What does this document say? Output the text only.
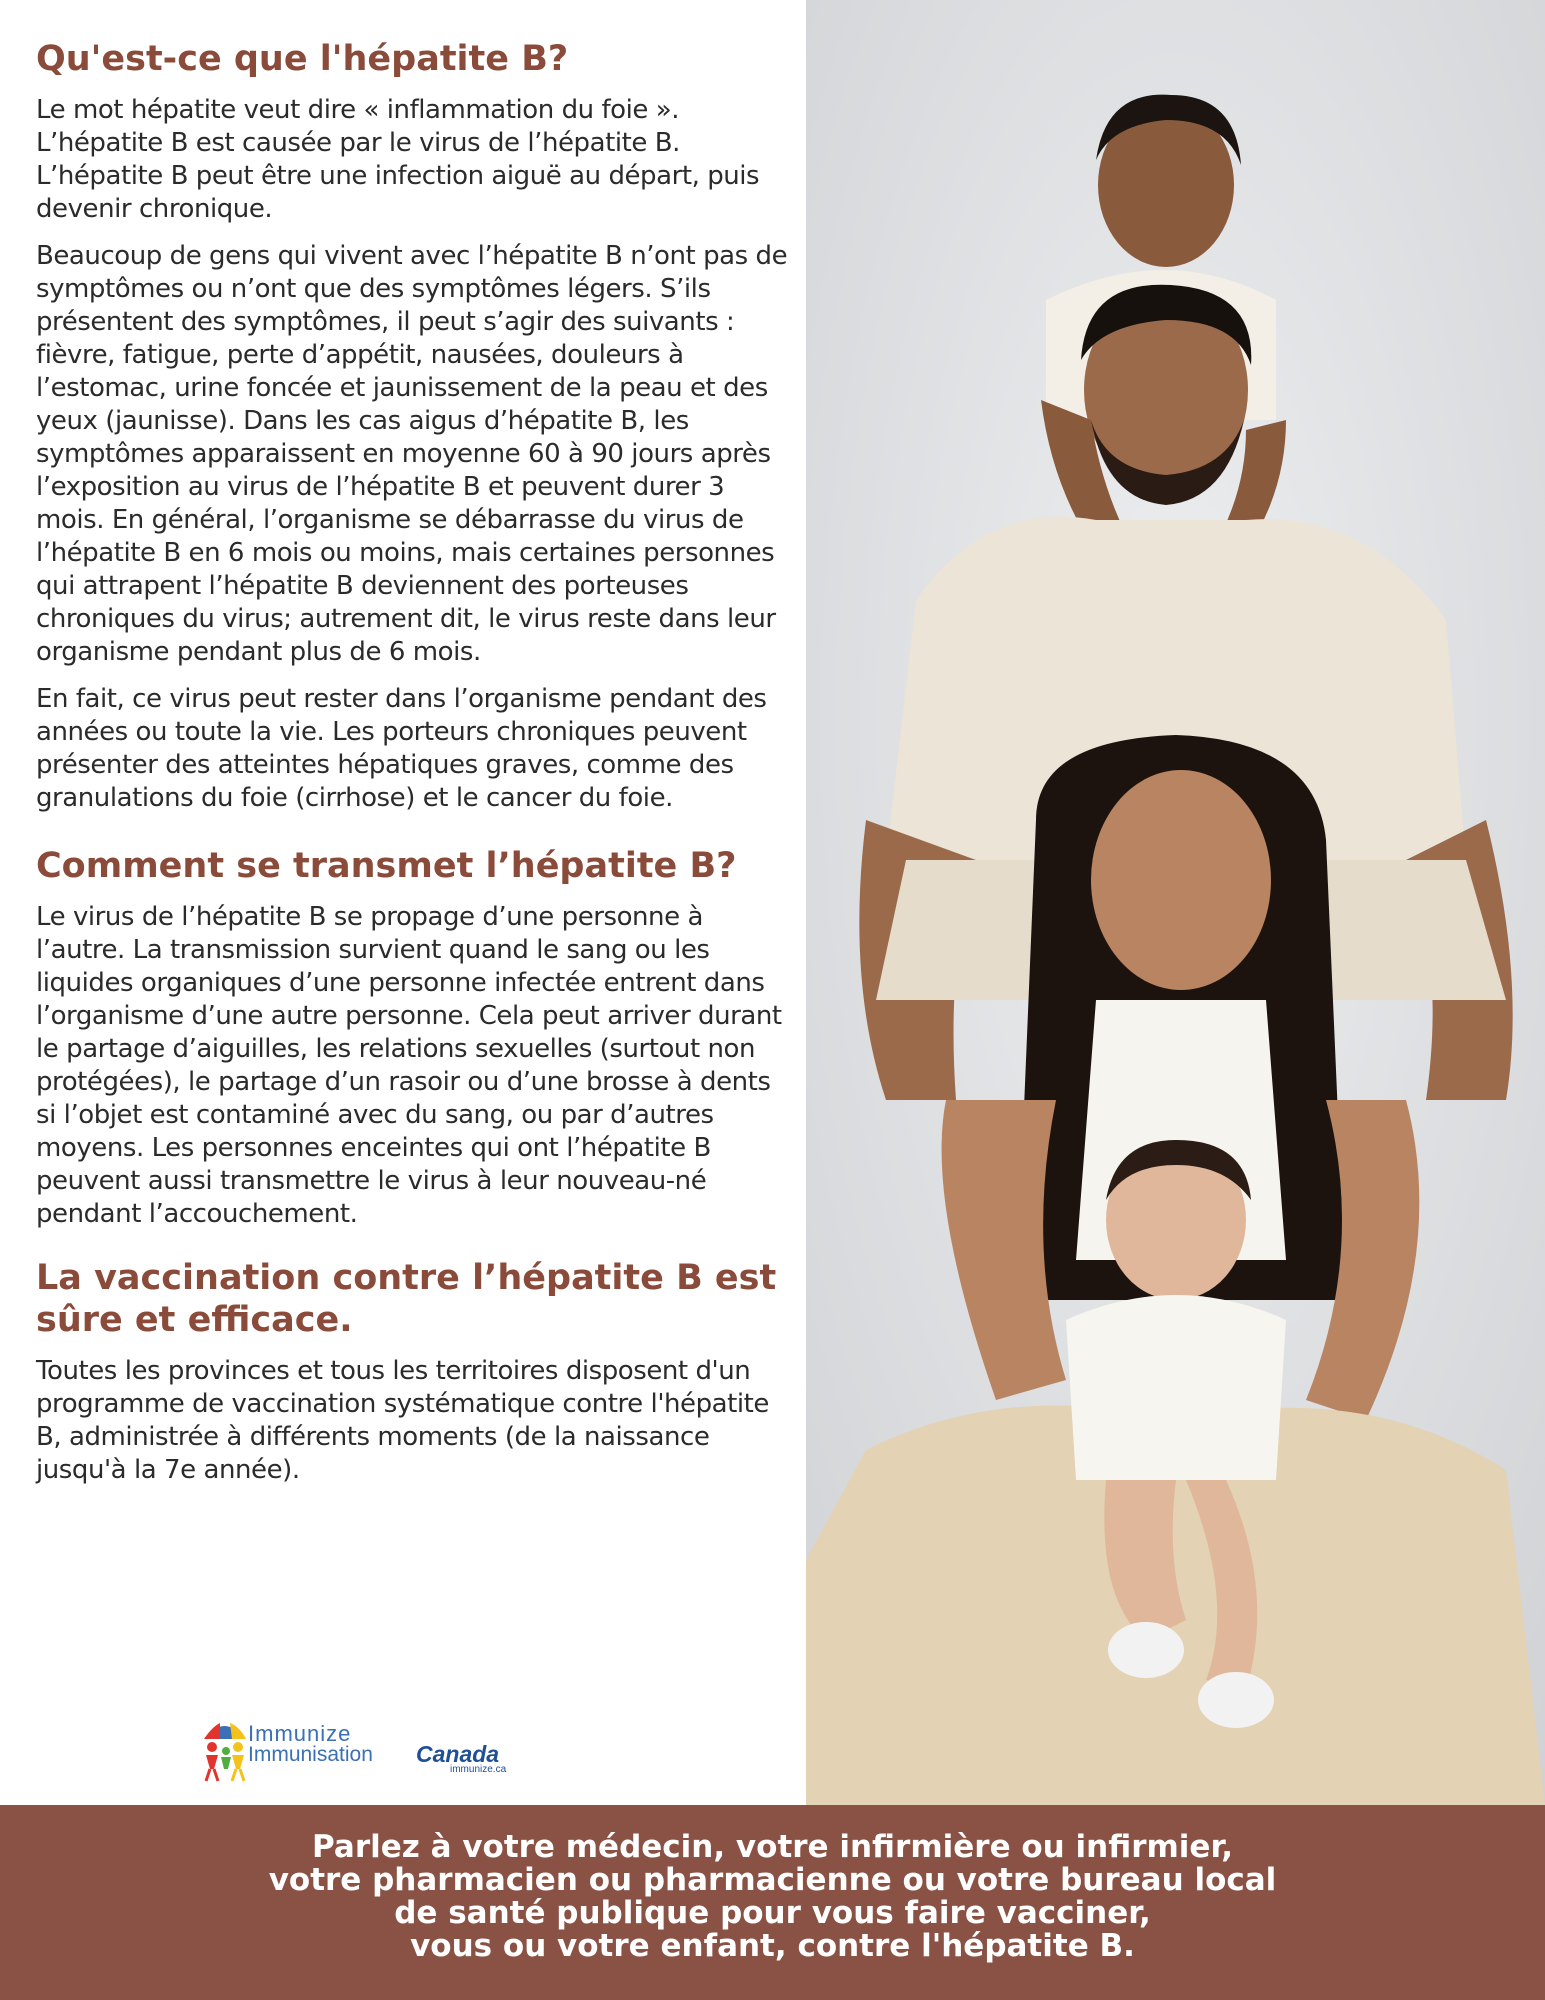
Qu'est-ce que l'hépatite B?

Le mot hépatite veut dire « inflammation du foie ». L’hépatite B est causée par le virus de l’hépatite B. L’hépatite B peut être une infection aiguë au départ, puis devenir chronique.

Beaucoup de gens qui vivent avec l’hépatite B n’ont pas de symptômes ou n’ont que des symptômes légers. S’ils présentent des symptômes, il peut s’agir des suivants : fièvre, fatigue, perte d’appétit, nausées, douleurs à l’estomac, urine foncée et jaunissement de la peau et des yeux (jaunisse). Dans les cas aigus d’hépatite B, les symptômes apparaissent en moyenne 60 à 90 jours après l’exposition au virus de l’hépatite B et peuvent durer 3 mois. En général, l’organisme se débarrasse du virus de l’hépatite B en 6 mois ou moins, mais certaines personnes qui attrapent l’hépatite B deviennent des porteuses chroniques du virus; autrement dit, le virus reste dans leur organisme pendant plus de 6 mois.

En fait, ce virus peut rester dans l’organisme pendant des années ou toute la vie. Les porteurs chroniques peuvent présenter des atteintes hépatiques graves, comme des granulations du foie (cirrhose) et le cancer du foie.

Comment se transmet l’hépatite B?

Le virus de l’hépatite B se propage d’une personne à l’autre. La transmission survient quand le sang ou les liquides organiques d’une personne infectée entrent dans l’organisme d’une autre personne. Cela peut arriver durant le partage d’aiguilles, les relations sexuelles (surtout non protégées), le partage d’un rasoir ou d’une brosse à dents si l’objet est contaminé avec du sang, ou par d’autres moyens. Les personnes enceintes qui ont l’hépatite B peuvent aussi transmettre le virus à leur nouveau-né pendant l’accouchement.

La vaccination contre l’hépatite B est sûre et efficace.

Toutes les provinces et tous les territoires disposent d'un programme de vaccination systématique contre l'hépatite B, administrée à différents moments (de la naissance jusqu'à la 7e année).

Immunize
Immunisation Canada
immunize.ca
Parlez à votre médecin, votre infirmière ou infirmier,
votre pharmacien ou pharmacienne ou votre bureau local
de santé publique pour vous faire vacciner,
vous ou votre enfant, contre l'hépatite B.
